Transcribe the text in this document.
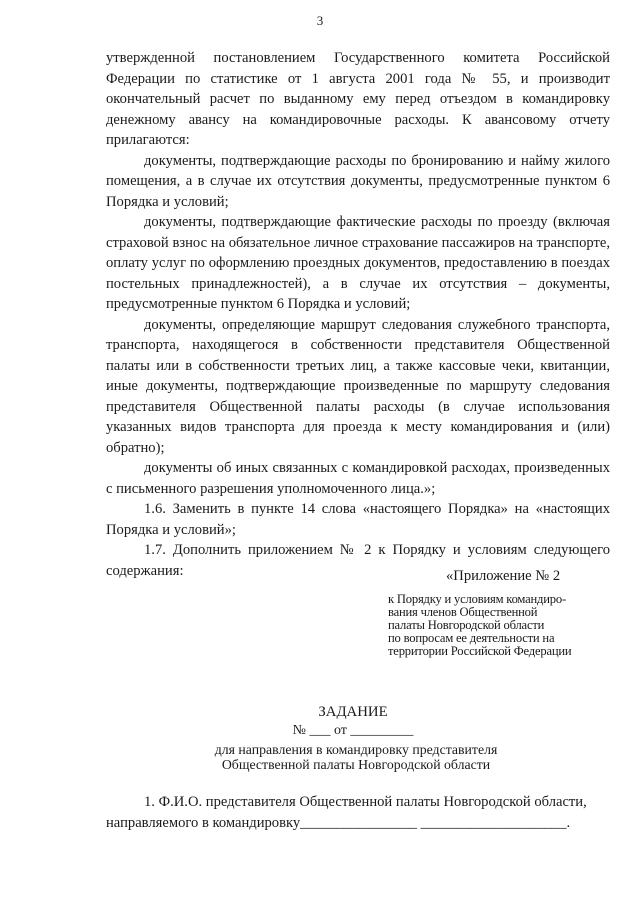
3

утвержденной постановлением Государственного комитета Российской Федерации по статистике от 1 августа 2001 года № 55, и производит окончательный расчет по выданному ему перед отъездом в командировку денежному авансу на командировочные расходы. К авансовому отчету прилагаются:

документы, подтверждающие расходы по бронированию и найму жилого помещения, а в случае их отсутствия документы, предусмотренные пунктом 6 Порядка и условий;

документы, подтверждающие фактические расходы по проезду (включая страховой взнос на обязательное личное страхование пассажиров на транспорте, оплату услуг по оформлению проездных документов, предоставлению в поездах постельных принадлежностей), а в случае их отсутствия – документы, предусмотренные пунктом 6 Порядка и условий;

документы, определяющие маршрут следования служебного транспорта, транспорта, находящегося в собственности представителя Общественной палаты или в собственности третьих лиц, а также кассовые чеки, квитанции, иные документы, подтверждающие произведенные по маршруту следования представителя Общественной палаты расходы (в случае использования указанных видов транспорта для проезда к месту командирования и (или) обратно);

документы об иных связанных с командировкой расходах, произведенных с письменного разрешения уполномоченного лица.»;

1.6. Заменить в пункте 14 слова «настоящего Порядка» на «настоящих Порядка и условий»;

1.7. Дополнить приложением № 2 к Порядку и условиям следующего содержания:	«Приложение № 2
к Порядку и условиям командиро-
вания членов Общественной
палаты Новгородской области
по вопросам ее деятельности на
территории Российской Федерации
ЗАДАНИЕ
№ ___ от _________
для направления в командировку представителя
Общественной палаты Новгородской области

1. Ф.И.О. представителя Общественной палаты Новгородской области,

направляемого в командировку________________ ____________________.
